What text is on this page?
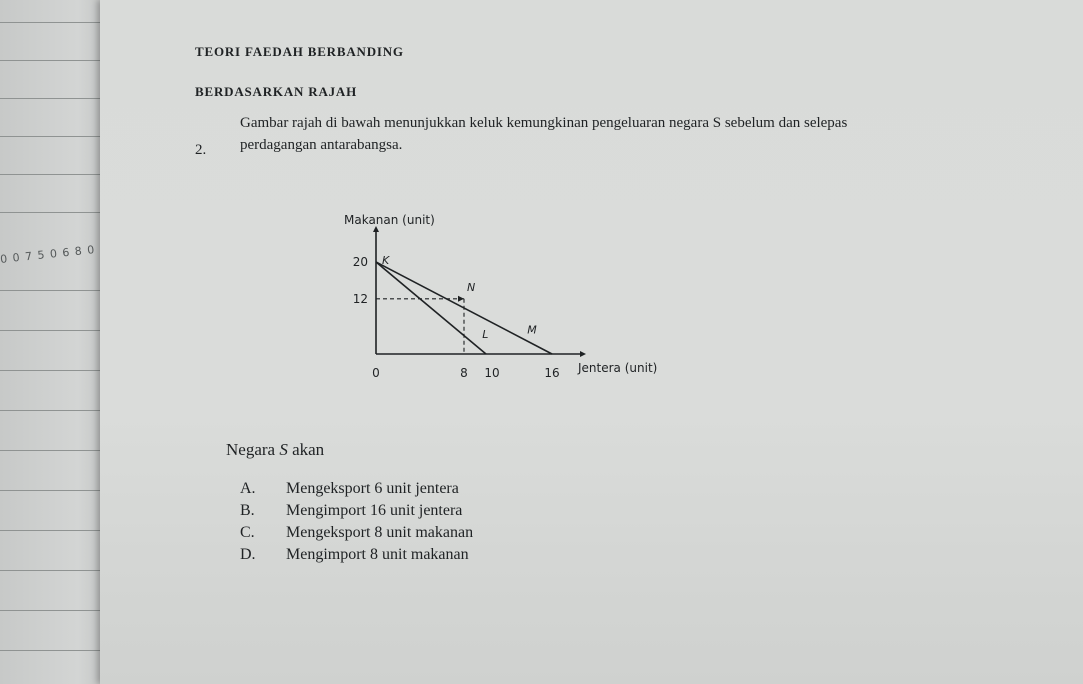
0 0 7 5 0 6 8 0
TEORI FAEDAH BERBANDING
BERDASARKAN RAJAH
2.
Gambar rajah di bawah menunjukkan keluk kemungkinan pengeluaran negara S sebelum dan selepas
perdagangan antarabangsa.
Makanan (unit)
Jentera (unit)
0	8 10	16
12
20 K
N
L	M
Negara S akan
A. Mengeksport 6 unit jentera
B. Mengimport 16 unit jentera
C. Mengeksport 8 unit makanan
D. Mengimport 8 unit makanan
